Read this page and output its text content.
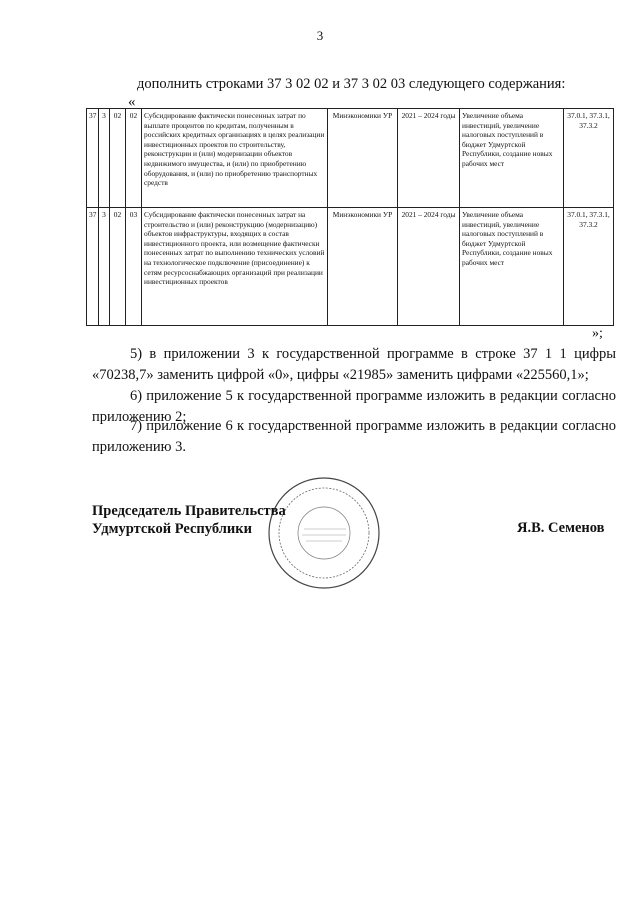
3
дополнить строками 37 3 02 02 и 37 3 02 03 следующего содержания:
«
37	3	02	02	Субсидирование фактически понесенных затрат по выплате процентов по кредитам, полученным в российских кредитных организациях в целях реализации инвестиционных проектов по строительству, реконструкции и (или) модернизации объектов недвижимого имущества, и (или) по приобретению оборудования, и (или) по приобретению транспортных средств	Минэкономики УР	2021 – 2024 годы	Увеличение объема инвестиций, увеличение налоговых поступлений в бюджет Удмуртской Республики, создание новых рабочих мест	37.0.1, 37.3.1, 37.3.2
37	3	02	03	Субсидирование фактически понесенных затрат на строительство и (или) реконструкцию (модернизацию) объектов инфраструктуры, входящих в состав инвестиционного проекта, или возмещение фактически понесенных затрат по выполнению технических условий на технологическое подключение (присоединение) к сетям ресурсоснабжающих организаций при реализации инвестиционных проектов	Минэкономики УР	2021 – 2024 годы	Увеличение объема инвестиций, увеличение налоговых поступлений в бюджет Удмуртской Республики, создание новых рабочих мест	37.0.1, 37.3.1, 37.3.2
»;
5) в приложении 3 к государственной программе в строке 37 1 1 цифры «70238,7» заменить цифрой «0», цифры «21985» заменить цифрами «225560,1»;
6) приложение 5 к государственной программе изложить в редакции согласно приложению 2;
7) приложение 6 к государственной программе изложить в редакции согласно приложению 3.
Председатель Правительства
Удмуртской Республики	Я.В. Семенов
